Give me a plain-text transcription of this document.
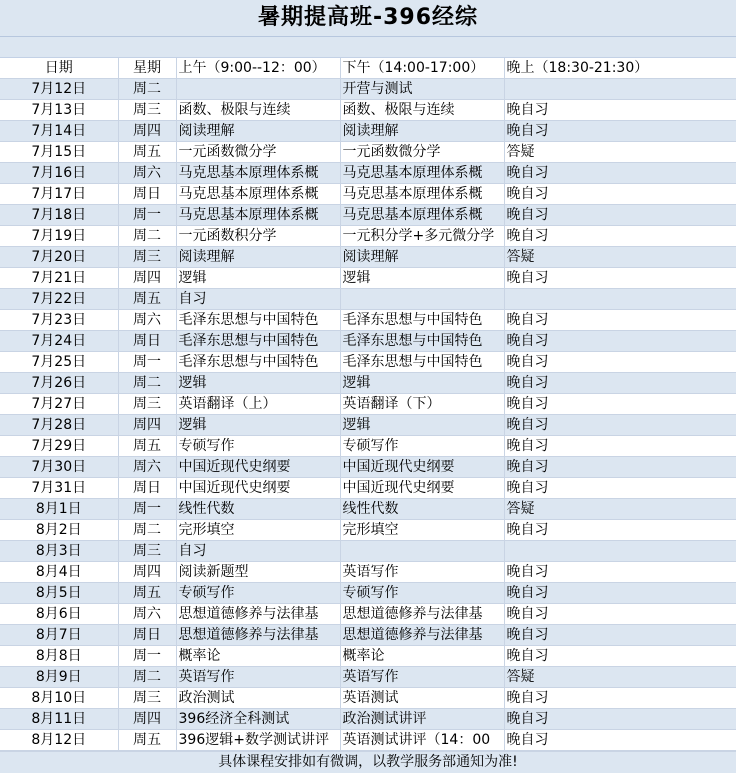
暑期提高班-396经综
日期	星期	上午（9:00--12：00）	下午（14:00-17:00）	晚上（18:30-21:30）
7月12日	周二		开营与测试	
7月13日	周三	函数、极限与连续	函数、极限与连续	晚自习
7月14日	周四	阅读理解	阅读理解	晚自习
7月15日	周五	一元函数微分学	一元函数微分学	答疑
7月16日	周六	马克思基本原理体系概	马克思基本原理体系概	晚自习
7月17日	周日	马克思基本原理体系概	马克思基本原理体系概	晚自习
7月18日	周一	马克思基本原理体系概	马克思基本原理体系概	晚自习
7月19日	周二	一元函数积分学	一元积分学+多元微分学	晚自习
7月20日	周三	阅读理解	阅读理解	答疑
7月21日	周四	逻辑	逻辑	晚自习
7月22日	周五	自习		
7月23日	周六	毛泽东思想与中国特色	毛泽东思想与中国特色	晚自习
7月24日	周日	毛泽东思想与中国特色	毛泽东思想与中国特色	晚自习
7月25日	周一	毛泽东思想与中国特色	毛泽东思想与中国特色	晚自习
7月26日	周二	逻辑	逻辑	晚自习
7月27日	周三	英语翻译（上）	英语翻译（下）	晚自习
7月28日	周四	逻辑	逻辑	晚自习
7月29日	周五	专硕写作	专硕写作	晚自习
7月30日	周六	中国近现代史纲要	中国近现代史纲要	晚自习
7月31日	周日	中国近现代史纲要	中国近现代史纲要	晚自习
8月1日	周一	线性代数	线性代数	答疑
8月2日	周二	完形填空	完形填空	晚自习
8月3日	周三	自习		
8月4日	周四	阅读新题型	英语写作	晚自习
8月5日	周五	专硕写作	专硕写作	晚自习
8月6日	周六	思想道德修养与法律基	思想道德修养与法律基	晚自习
8月7日	周日	思想道德修养与法律基	思想道德修养与法律基	晚自习
8月8日	周一	概率论	概率论	晚自习
8月9日	周二	英语写作	英语写作	答疑
8月10日	周三	政治测试	英语测试	晚自习
8月11日	周四	396经济全科测试	政治测试讲评	晚自习
8月12日	周五	396逻辑+数学测试讲评	英语测试讲评（14：00	晚自习
具体课程安排如有微调，以教学服务部通知为准!
